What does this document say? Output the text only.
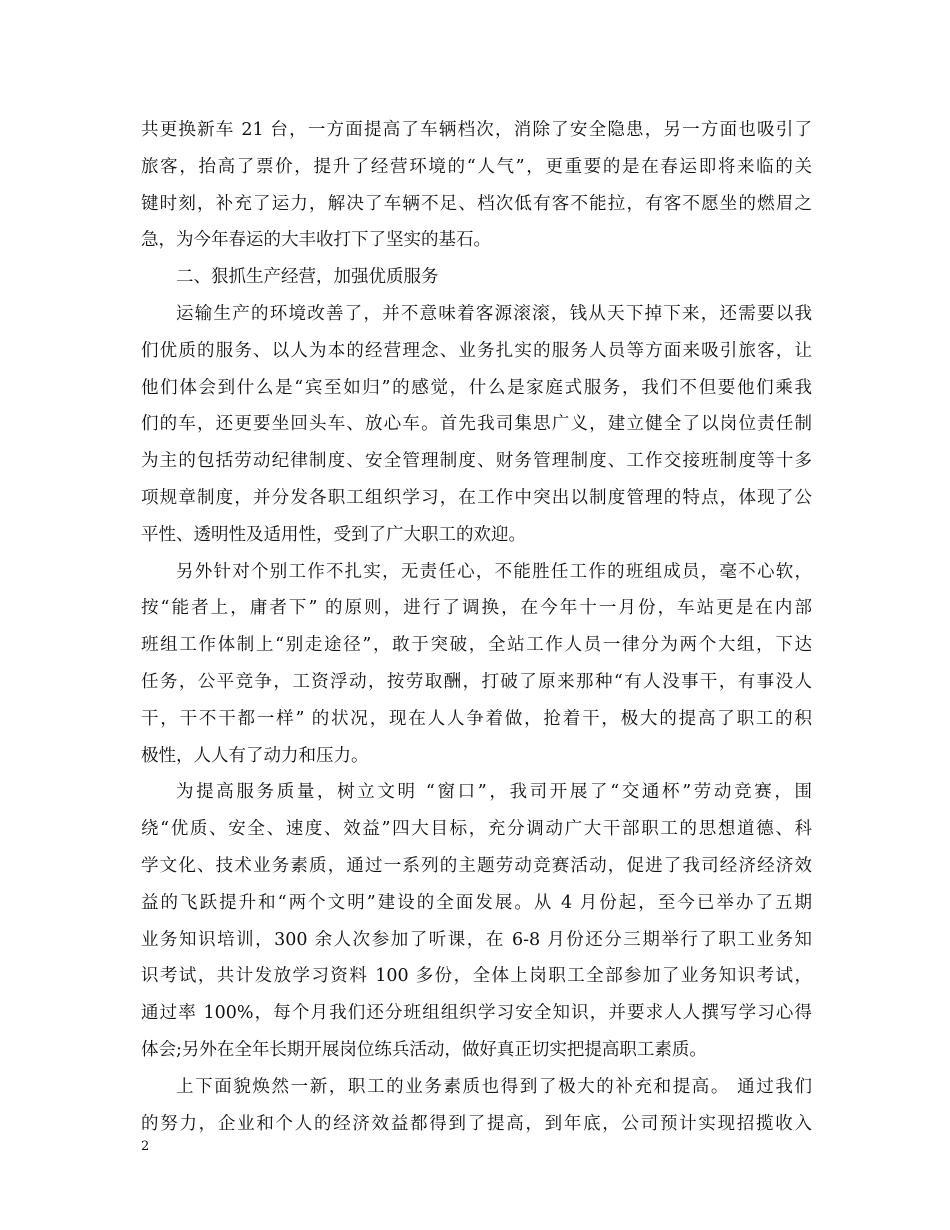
共更换新车 21 台，一方面提高了车辆档次，消除了安全隐患，另一方面也吸引了
旅客，抬高了票价，提升了经营环境的“人气”，更重要的是在春运即将来临的关
键时刻，补充了运力，解决了车辆不足、档次低有客不能拉，有客不愿坐的燃眉之
急，为今年春运的大丰收打下了坚实的基石。
二、狠抓生产经营，加强优质服务
运输生产的环境改善了，并不意味着客源滚滚，钱从天下掉下来，还需要以我
们优质的服务、以人为本的经营理念、业务扎实的服务人员等方面来吸引旅客，让
他们体会到什么是“宾至如归”的感觉，什么是家庭式服务，我们不但要他们乘我
们的车，还更要坐回头车、放心车。首先我司集思广义，建立健全了以岗位责任制
为主的包括劳动纪律制度、安全管理制度、财务管理制度、工作交接班制度等十多
项规章制度，并分发各职工组织学习，在工作中突出以制度管理的特点，体现了公
平性、透明性及适用性，受到了广大职工的欢迎。
另外针对个别工作不扎实，无责任心，不能胜任工作的班组成员，毫不心软，
按“能者上，庸者下” 的原则，进行了调换，在今年十一月份，车站更是在内部
班组工作体制上“别走途径”，敢于突破，全站工作人员一律分为两个大组，下达
任务，公平竞争，工资浮动，按劳取酬，打破了原来那种“有人没事干，有事没人
干，干不干都一样” 的状况，现在人人争着做，抢着干，极大的提高了职工的积
极性，人人有了动力和压力。
为提高服务质量，树立文明 “窗口”，我司开展了“交通杯”劳动竞赛，围
绕“优质、安全、速度、效益”四大目标，充分调动广大干部职工的思想道德、科
学文化、技术业务素质，通过一系列的主题劳动竞赛活动，促进了我司经济经济效
益的飞跃提升和“两个文明”建设的全面发展。从 4 月份起，至今已举办了五期
业务知识培训，300 余人次参加了听课，在 6-8 月份还分三期举行了职工业务知
识考试，共计发放学习资料 100 多份，全体上岗职工全部参加了业务知识考试，
通过率 100%，每个月我们还分班组组织学习安全知识，并要求人人撰写学习心得
体会;另外在全年长期开展岗位练兵活动，做好真正切实把提高职工素质。
上下面貌焕然一新，职工的业务素质也得到了极大的补充和提高。 通过我们
的努力，企业和个人的经济效益都得到了提高，到年底，公司预计实现招揽收入
2
